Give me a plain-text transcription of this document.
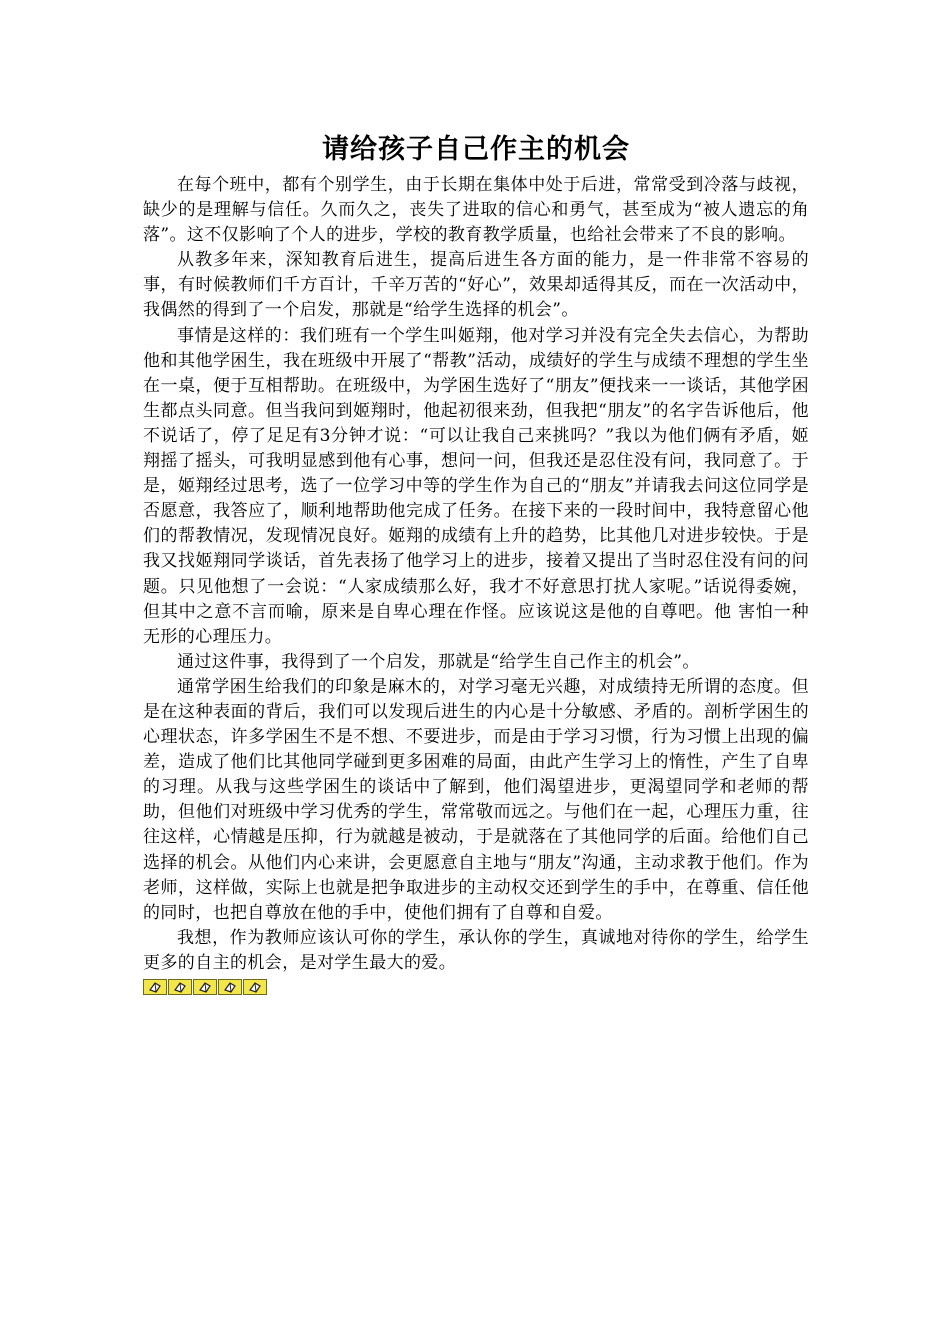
请给孩子自己作主的机会

在每个班中，都有个别学生，由于长期在集体中处于后进，常常受到冷落与歧视，缺少的是理解与信任。久而久之，丧失了进取的信心和勇气，甚至成为“被人遗忘的角落”。这不仅影响了个人的进步，学校的教育教学质量，也给社会带来了不良的影响。

从教多年来，深知教育后进生，提高后进生各方面的能力，是一件非常不容易的事，有时候教师们千方百计，千辛万苦的“好心”，效果却适得其反，而在一次活动中，我偶然的得到了一个启发，那就是“给学生选择的机会”。

事情是这样的：我们班有一个学生叫姬翔，他对学习并没有完全失去信心，为帮助他和其他学困生，我在班级中开展了“帮教”活动，成绩好的学生与成绩不理想的学生坐在一桌，便于互相帮助。在班级中，为学困生选好了“朋友”便找来一一谈话，其他学困生都点头同意。但当我问到姬翔时，他起初很来劲，但我把“朋友”的名字告诉他后，他不说话了，停了足足有3分钟才说：“可以让我自己来挑吗？”我以为他们俩有矛盾，姬翔摇了摇头，可我明显感到他有心事，想问一问，但我还是忍住没有问，我同意了。于是，姬翔经过思考，选了一位学习中等的学生作为自己的“朋友”并请我去问这位同学是否愿意，我答应了，顺利地帮助他完成了任务。在接下来的一段时间中，我特意留心他们的帮教情况，发现情况良好。姬翔的成绩有上升的趋势，比其他几对进步较快。于是我又找姬翔同学谈话，首先表扬了他学习上的进步，接着又提出了当时忍住没有问的问题。只见他想了一会说：“人家成绩那么好，我才不好意思打扰人家呢。”话说得委婉，但其中之意不言而喻，原来是自卑心理在作怪。应该说这是他的自尊吧。他 害怕一种无形的心理压力。

通过这件事，我得到了一个启发，那就是“给学生自己作主的机会”。

通常学困生给我们的印象是麻木的，对学习毫无兴趣，对成绩持无所谓的态度。但是在这种表面的背后，我们可以发现后进生的内心是十分敏感、矛盾的。剖析学困生的心理状态，许多学困生不是不想、不要进步，而是由于学习习惯，行为习惯上出现的偏差，造成了他们比其他同学碰到更多困难的局面，由此产生学习上的惰性，产生了自卑的习理。从我与这些学困生的谈话中了解到，他们渴望进步，更渴望同学和老师的帮助，但他们对班级中学习优秀的学生，常常敬而远之。与他们在一起，心理压力重，往往这样，心情越是压抑，行为就越是被动，于是就落在了其他同学的后面。给他们自己选择的机会。从他们内心来讲，会更愿意自主地与“朋友”沟通，主动求教于他们。作为老师，这样做，实际上也就是把争取进步的主动权交还到学生的手中，在尊重、信任他的同时，也把自尊放在他的手中，使他们拥有了自尊和自爱。

我想，作为教师应该认可你的学生，承认你的学生，真诚地对待你的学生，给学生更多的自主的机会，是对学生最大的爱。
